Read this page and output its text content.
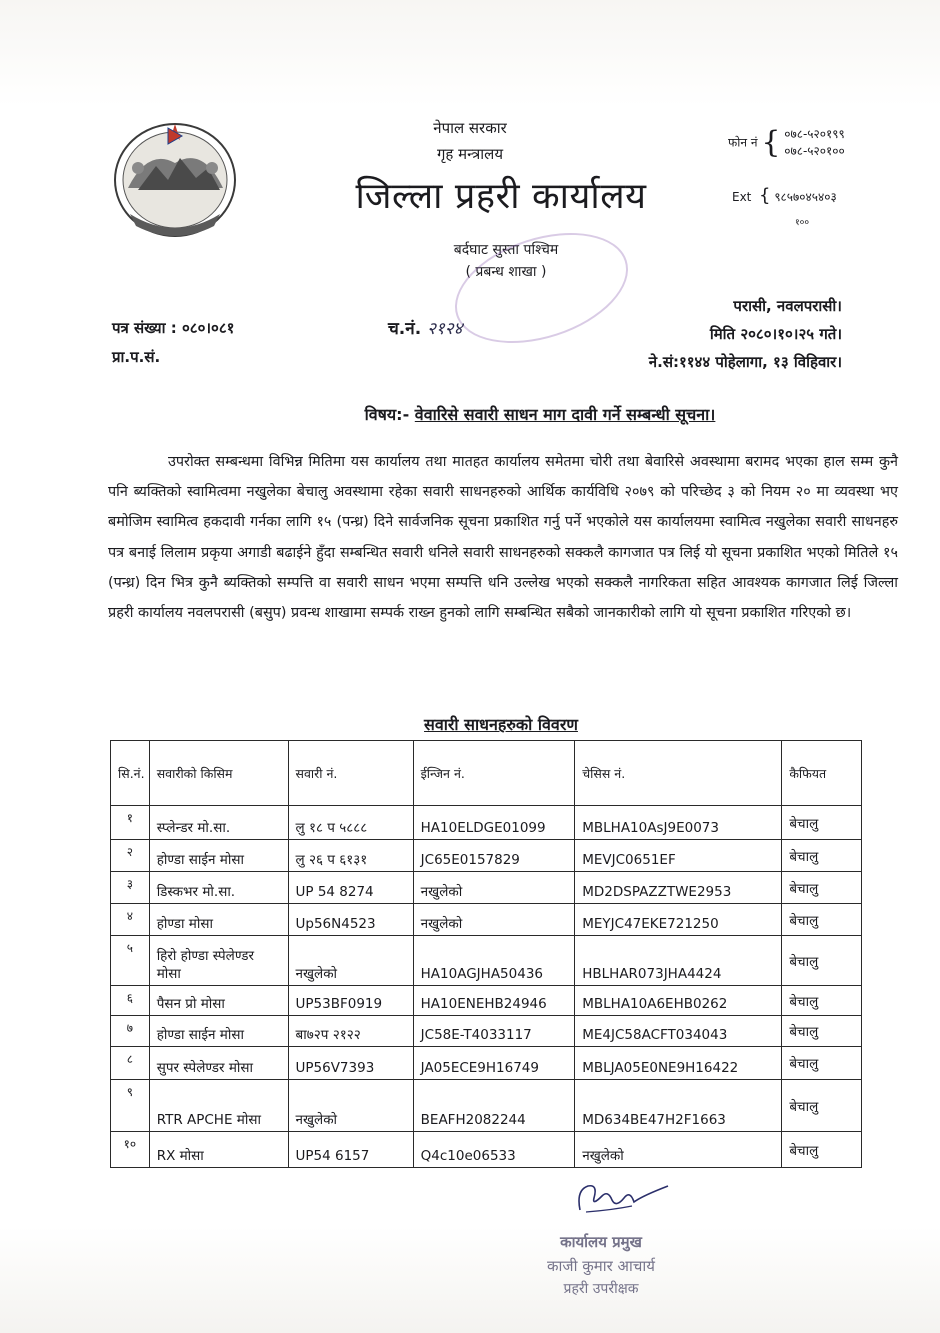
नेपाल सरकार
गृह मन्त्रालय
जिल्ला प्रहरी कार्यालय
बर्दघाट सुस्ता पश्चिम
( प्रबन्ध शाखा )
फोन नं { ०७८-५२०१९९
०७८-५२०१००
Ext { ९८५७०४५४०३
१००
पत्र संख्या : ०८०।०८१
प्रा.प.सं.
च.नं. २१२४
परासी, नवलपरासी।
मिति २०८०।१०।२५ गते।
ने.सं:११४४ पोहेलागा, १३ विहिवार।
विषय:- वेवारिसे सवारी साधन माग दावी गर्ने सम्बन्धी सूचना।
उपरोक्त सम्बन्धमा विभिन्न मितिमा यस कार्यालय तथा मातहत कार्यालय समेतमा चोरी तथा बेवारिसे अवस्थामा बरामद भएका हाल सम्म कुनै पनि ब्यक्तिको स्वामित्वमा नखुलेका बेचालु अवस्थामा रहेका सवारी साधनहरुको आर्थिक कार्यविधि २०७९ को परिच्छेद ३ को नियम २० मा व्यवस्था भए बमोजिम स्वामित्व हकदावी गर्नका लागि १५ (पन्ध्र) दिने सार्वजनिक सूचना प्रकाशित गर्नु पर्ने भएकोले यस कार्यालयमा स्वामित्व नखुलेका सवारी साधनहरु पत्र बनाई लिलाम प्रकृया अगाडी बढाईने हुँदा सम्बन्धित सवारी धनिले सवारी साधनहरुको सक्कलै कागजात पत्र लिई यो सूचना प्रकाशित भएको मितिले १५ (पन्ध्र) दिन भित्र कुनै ब्यक्तिको सम्पत्ति वा सवारी साधन भएमा सम्पत्ति धनि उल्लेख भएको सक्कलै नागरिकता सहित आवश्यक कागजात लिई जिल्ला प्रहरी कार्यालय नवलपरासी (बसुप) प्रवन्ध शाखामा सम्पर्क राख्न हुनको लागि सम्बन्धित सबैको जानकारीको लागि यो सूचना प्रकाशित गरिएको छ।
सवारी साधनहरुको विवरण
सि.नं.	सवारीको किसिम	सवारी नं.	ईन्जिन नं.	चेसिस नं.	कैफियत
१	स्प्लेन्डर मो.सा.	लु १८ प ५८८८	HA10ELDGE01099	MBLHA10AsJ9E0073	बेचालु
२	होण्डा साईन मोसा	लु २६ प ६१३१	JC65E0157829	MEVJC0651EF	बेचालु
३	डिस्कभर मो.सा.	UP 54 8274	नखुलेको	MD2DSPAZZTWE2953	बेचालु
४	होण्डा मोसा	Up56N4523	नखुलेको	MEYJC47EKE721250	बेचालु
५	हिरो होण्डा स्पेलेण्डर मोसा	नखुलेको	HA10AGJHA50436	HBLHAR073JHA4424	बेचालु
६	पैसन प्रो मोसा	UP53BF0919	HA10ENEHB24946	MBLHA10A6EHB0262	बेचालु
७	होण्डा साईन मोसा	बा७२प २१२२	JC58E-T4033117	ME4JC58ACFT034043	बेचालु
८	सुपर स्पेलेण्डर मोसा	UP56V7393	JA05ECE9H16749	MBLJA05E0NE9H16422	बेचालु
९	RTR APCHE मोसा	नखुलेको	BEAFH2082244	MD634BE47H2F1663	बेचालु
१०	RX मोसा	UP54 6157	Q4c10e06533	नखुलेको	बेचालु
कार्यालय प्रमुख
काजी कुमार आचार्य
प्रहरी उपरीक्षक
